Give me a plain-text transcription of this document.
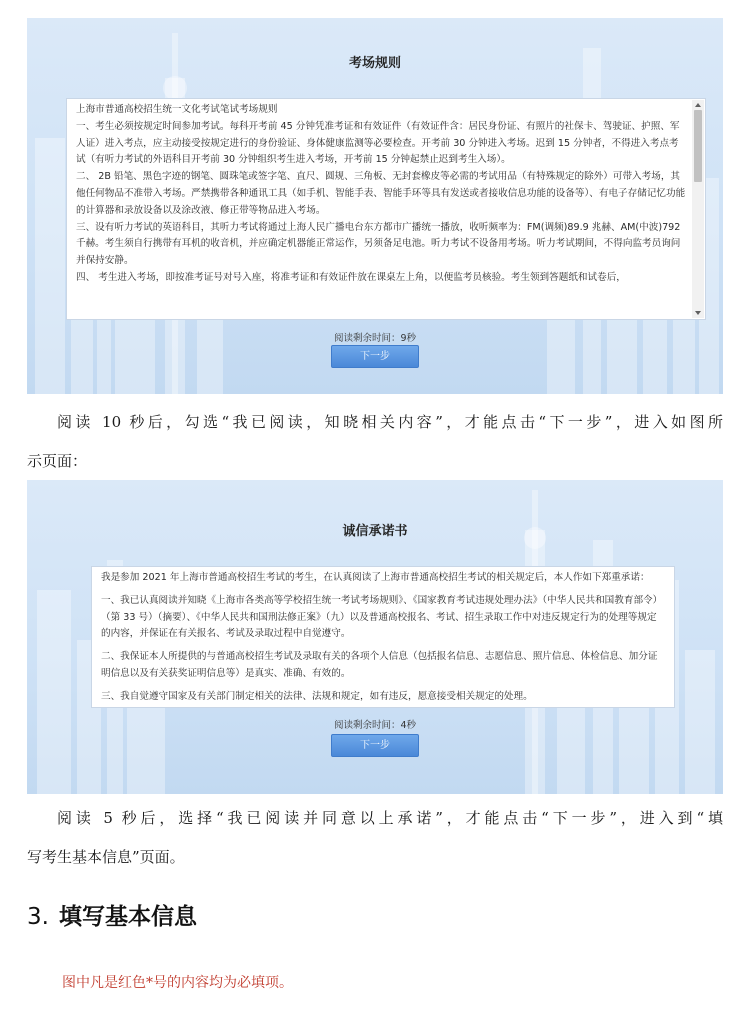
考场规则

上海市普通高校招生统一文化考试笔试考场规则

一、考生必须按规定时间参加考试。每科开考前 45 分钟凭准考证和有效证件（有效证件含：居民身份证、有照片的社保卡、驾驶证、护照、军人证）进入考点，应主动接受按规定进行的身份验证、身体健康监测等必要检查。开考前 30 分钟进入考场。迟到 15 分钟者，不得进入考点考试（有听力考试的外语科目开考前 30 分钟组织考生进入考场，开考前 15 分钟起禁止迟到考生入场）。

二、 2B 铅笔、黑色字迹的钢笔、圆珠笔或签字笔、直尺、圆规、三角板、无封套橡皮等必需的考试用品（有特殊规定的除外）可带入考场，其他任何物品不准带入考场。严禁携带各种通讯工具（如手机、智能手表、智能手环等具有发送或者接收信息功能的设备等）、有电子存储记忆功能的计算器和录放设备以及涂改液、修正带等物品进入考场。

三、设有听力考试的英语科目，其听力考试将通过上海人民广播电台东方都市广播统一播放，收听频率为：FM(调频)89.9 兆赫、AM(中波)792 千赫。考生须自行携带有耳机的收音机，并应确定机器能正常运作，另须备足电池。听力考试不设备用考场。听力考试期间，不得向监考员询问并保持安静。

四、 考生进入考场，即按准考证号对号入座，将准考证和有效证件放在课桌左上角，以便监考员核验。考生领到答题纸和试卷后，

阅读剩余时间：9秒
下一步
阅读 10 秒后，勾选“我已阅读，知晓相关内容”，才能点击“下一步”，进入如图所
示页面：
诚信承诺书

我是参加 2021 年上海市普通高校招生考试的考生，在认真阅读了上海市普通高校招生考试的相关规定后，本人作如下郑重承诺：

一、我已认真阅读并知晓《上海市各类高等学校招生统一考试考场规则》、《国家教育考试违规处理办法》（中华人民共和国教育部令）（第 33 号）（摘要）、《中华人民共和国刑法修正案》（九）以及普通高校报名、考试、招生录取工作中对违反规定行为的处理等规定的内容，并保证在有关报名、考试及录取过程中自觉遵守。

二、我保证本人所提供的与普通高校招生考试及录取有关的各项个人信息（包括报名信息、志愿信息、照片信息、体检信息、加分证明信息以及有关获奖证明信息等）是真实、准确、有效的。

三、我自觉遵守国家及有关部门制定相关的法律、法规和规定，如有违反，愿意接受相关规定的处理。

阅读剩余时间：4秒
下一步
阅读 5 秒后，选择“我已阅读并同意以上承诺”，才能点击“下一步”，进入到“填
写考生基本信息”页面。
3. 填写基本信息
图中凡是红色*号的内容均为必填项。
